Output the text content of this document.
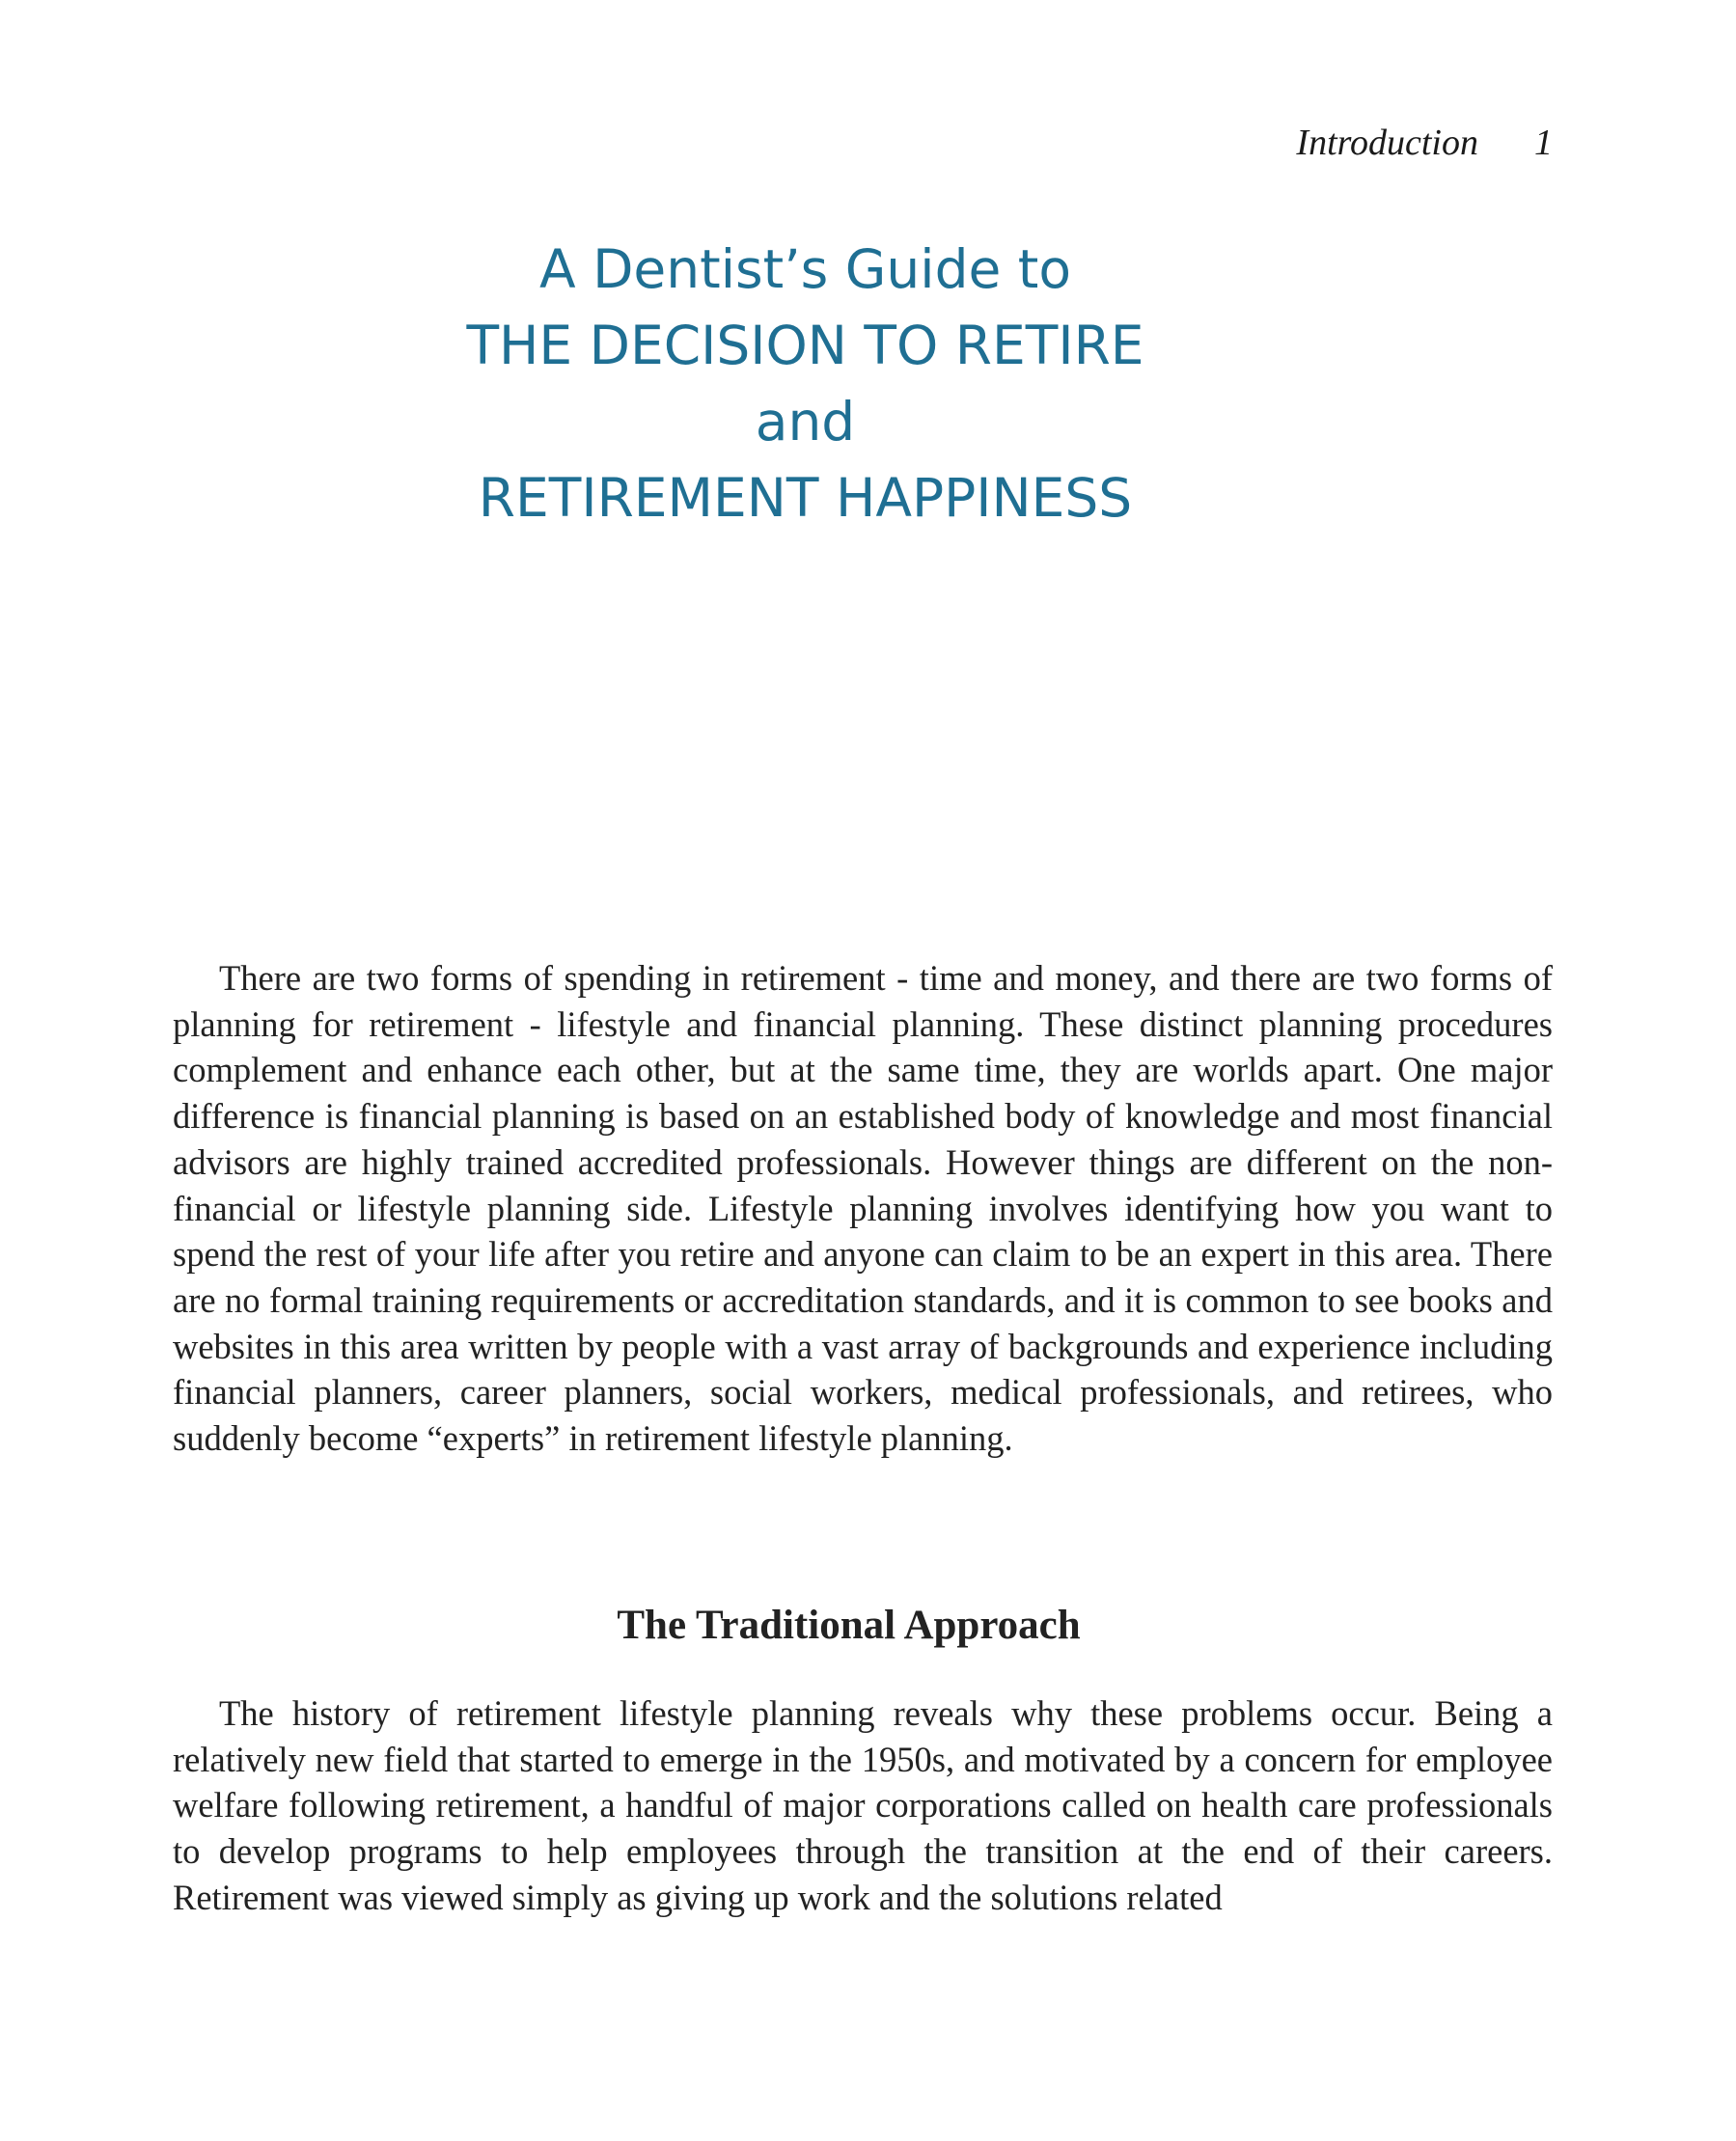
Introduction 1
A Dentist’s Guide to
THE DECISION TO RETIRE
and
RETIREMENT HAPPINESS

There are two forms of spending in retirement - time and money, and there are two forms of planning for retirement - lifestyle and financial planning. These distinct planning procedures complement and enhance each other, but at the same time, they are worlds apart. One major difference is financial planning is based on an established body of knowledge and most financial advisors are highly trained accredited professionals. However things are different on the non-financial or lifestyle planning side. Lifestyle planning involves identifying how you want to spend the rest of your life after you retire and anyone can claim to be an expert in this area. There are no formal training requirements or accreditation standards, and it is common to see books and websites in this area written by people with a vast array of backgrounds and experience including financial planners, career planners, social workers, medical professionals, and retirees, who suddenly become “experts” in retirement lifestyle planning.

The Traditional Approach

The history of retirement lifestyle planning reveals why these problems occur. Being a relatively new field that started to emerge in the 1950s, and motivated by a concern for employee welfare following retirement, a handful of major corporations called on health care professionals to develop programs to help employees through the transition at the end of their careers. Retirement was viewed simply as giving up work and the solutions related
